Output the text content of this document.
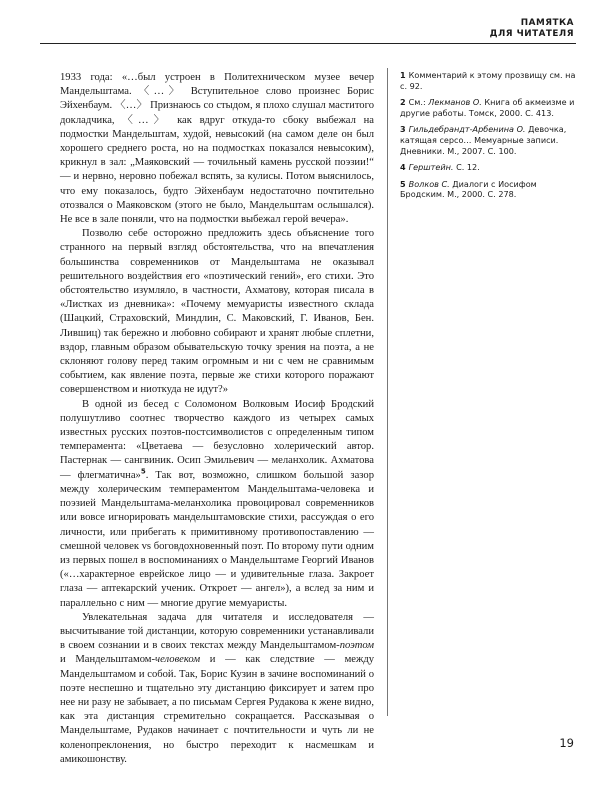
ПАМЯТКА
ДЛЯ ЧИТАТЕЛЯ

1933 года: «…был устроен в Политехническом музее вечер Мандельштама. 〈…〉 Вступительное слово произнес Борис Эйхенбаум. 〈…〉 Признаюсь со стыдом, я плохо слушал маститого докладчика, 〈…〉 как вдруг откуда-то сбоку выбежал на подмостки Мандельштам, худой, невысокий (на самом деле он был хорошего среднего роста, но на подмостках показался невысоким), крикнул в зал: „Маяковский — точильный камень русской поэзии!“ — и нервно, неровно побежал вспять, за кулисы. Потом выяснилось, что ему показалось, будто Эйхенбаум недостаточно почтительно отозвался о Маяковском (этого не было, Мандельштам ослышался). Не все в зале поняли, что на подмостки выбежал герой вечера».

Позволю себе осторожно предложить здесь объяснение того странного на первый взгляд обстоятельства, что на впечатления большинства современников от Мандельштама не оказывал решительного воздействия его «поэтический гений», его стихи. Это обстоятельство изумляло, в частности, Ахматову, которая писала в «Листках из дневника»: «Почему мемуаристы известного склада (Шацкий, Страховский, Миндлин, С. Маковский, Г. Иванов, Бен. Лившиц) так бережно и любовно собирают и хранят любые сплетни, вздор, главным образом обывательскую точку зрения на поэта, а не склоняют голову перед таким огромным и ни с чем не сравнимым событием, как явление поэта, первые же стихи которого поражают совершенством и ниоткуда не идут?»

В одной из бесед с Соломоном Волковым Иосиф Бродский полушутливо соотнес творчество каждого из четырех самых известных русских поэтов-постсимволистов с определенным типом темперамента: «Цветаева — безусловно холерический автор. Пастернак — сангвиник. Осип Эмильевич — меланхолик. Ахматова — флегматична»$^5$. Так вот, возможно, слишком большой зазор между холерическим темпераментом Мандельштама-человека и поэзией Мандельштама-меланхолика провоцировал современников или вовсе игнорировать мандельштамовские стихи, рассуждая о его личности, или прибегать к примитивному противопоставлению — смешной человек vs боговдохновенный поэт. По второму пути одним из первых пошел в воспоминаниях о Мандельштаме Георгий Иванов («…характерное еврейское лицо — и удивительные глаза. Закроет глаза — аптекарский ученик. Откроет — ангел»), а вслед за ним и параллельно с ним — многие другие мемуаристы.

Увлекательная задача для читателя и исследователя — высчитывание той дистанции, которую современники устанавливали в своем сознании и в своих текстах между Мандельштамом-поэтом и Мандельштамом-человеком и — как следствие — между Мандельштамом и собой. Так, Борис Кузин в зачине воспоминаний о поэте неспешно и тщательно эту дистанцию фиксирует и затем про нее ни разу не забывает, а по письмам Сергея Рудакова к жене видно, как эта дистанция стремительно сокращается. Рассказывая о Мандельштаме, Рудаков начинает с почтительности и чуть ли не коленопреклонения, но быстро переходит к насмешкам и амикошонству.

1 Комментарий к этому прозвищу см. на с. 92.

2 См.: Лекманов О. Книга об акмеизме и другие работы. Томск, 2000. С. 413.

3 Гильдебрандт-Арбенина О. Девочка, катящая серсо… Мемуарные записи. Дневники. М., 2007. С. 100.

4 Герштейн. С. 12.

5 Волков С. Диалоги с Иосифом Бродским. М., 2000. С. 278.

19
